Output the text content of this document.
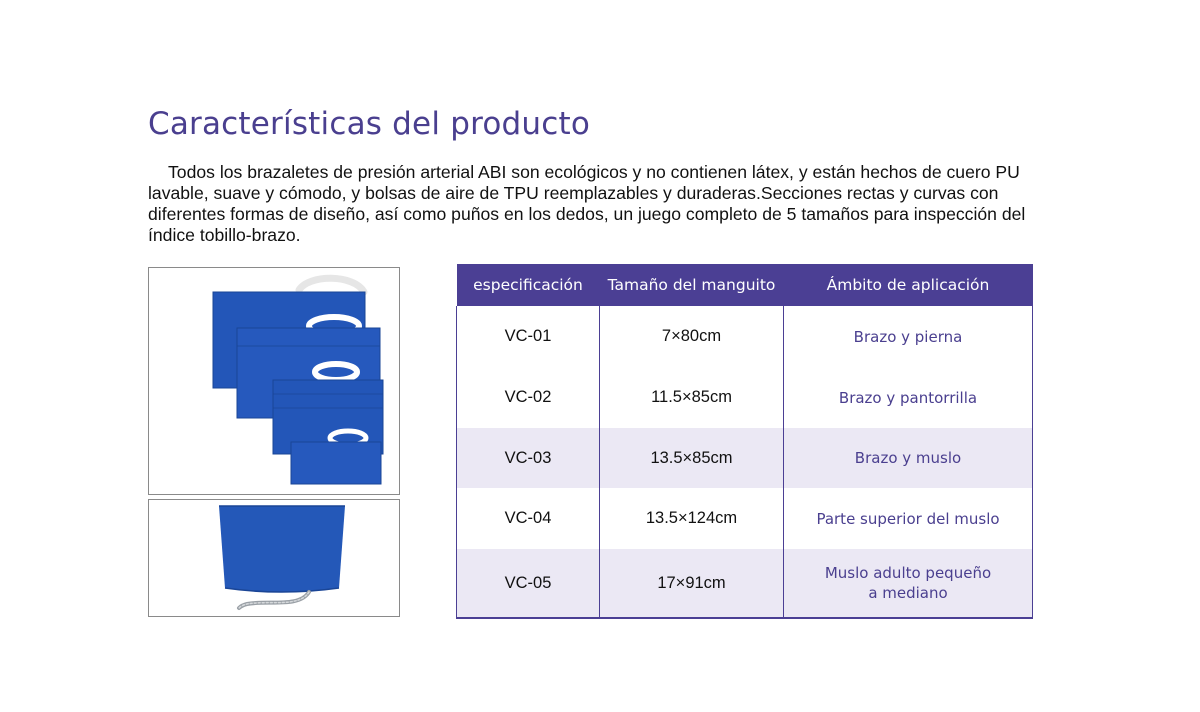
Características del producto

Todos los brazaletes de presión arterial ABI son ecológicos y no contienen látex, y están hechos de cuero PU lavable, suave y cómodo, y bolsas de aire de TPU reemplazables y duraderas.Secciones rectas y curvas con diferentes formas de diseño, así como puños en los dedos, un juego completo de 5 tamaños para inspección del índice tobillo-brazo.

especificación	Tamaño del manguito	Ámbito de aplicación
VC-01	7×80cm	Brazo y pierna
VC-02	11.5×85cm	Brazo y pantorrilla
VC-03	13.5×85cm	Brazo y muslo
VC-04	13.5×124cm	Parte superior del muslo
VC-05	17×91cm	Muslo adulto pequeño
a mediano
